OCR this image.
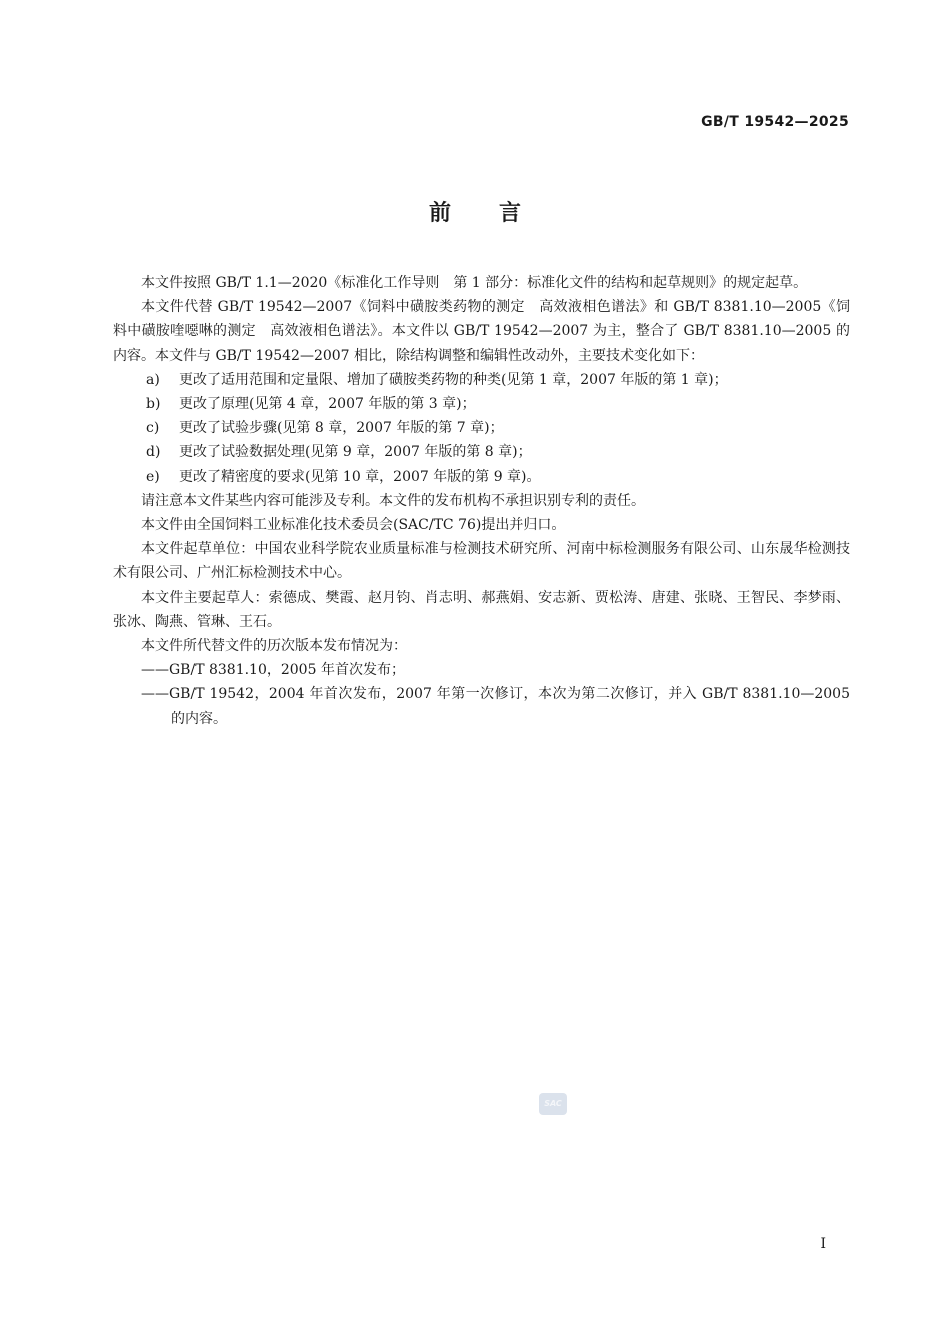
GB/T 19542—2025
前言

本文件按照 GB/T 1.1—2020《标准化工作导则　第 1 部分：标准化文件的结构和起草规则》的规定起草。

本文件代替 GB/T 19542—2007《饲料中磺胺类药物的测定　高效液相色谱法》和 GB/T 8381.10—2005《饲料中磺胺喹噁啉的测定　高效液相色谱法》。本文件以 GB/T 19542—2007 为主，整合了 GB/T 8381.10—2005 的内容。本文件与 GB/T 19542—2007 相比，除结构调整和编辑性改动外，主要技术变化如下：

a) 更改了适用范围和定量限、增加了磺胺类药物的种类(见第 1 章，2007 年版的第 1 章)；

b) 更改了原理(见第 4 章，2007 年版的第 3 章)；

c) 更改了试验步骤(见第 8 章，2007 年版的第 7 章)；

d) 更改了试验数据处理(见第 9 章，2007 年版的第 8 章)；

e) 更改了精密度的要求(见第 10 章，2007 年版的第 9 章)。

请注意本文件某些内容可能涉及专利。本文件的发布机构不承担识别专利的责任。

本文件由全国饲料工业标准化技术委员会(SAC/TC 76)提出并归口。

本文件起草单位：中国农业科学院农业质量标准与检测技术研究所、河南中标检测服务有限公司、山东晟华检测技术有限公司、广州汇标检测技术中心。

本文件主要起草人：索德成、樊霞、赵月钧、肖志明、郝燕娟、安志新、贾松涛、唐建、张晓、王智民、李梦雨、张冰、陶燕、管琳、王石。

本文件所代替文件的历次版本发布情况为：

——GB/T 8381.10，2005 年首次发布；

——GB/T 19542，2004 年首次发布，2007 年第一次修订，本次为第二次修订，并入 GB/T 8381.10—2005 的内容。

SAC
I
